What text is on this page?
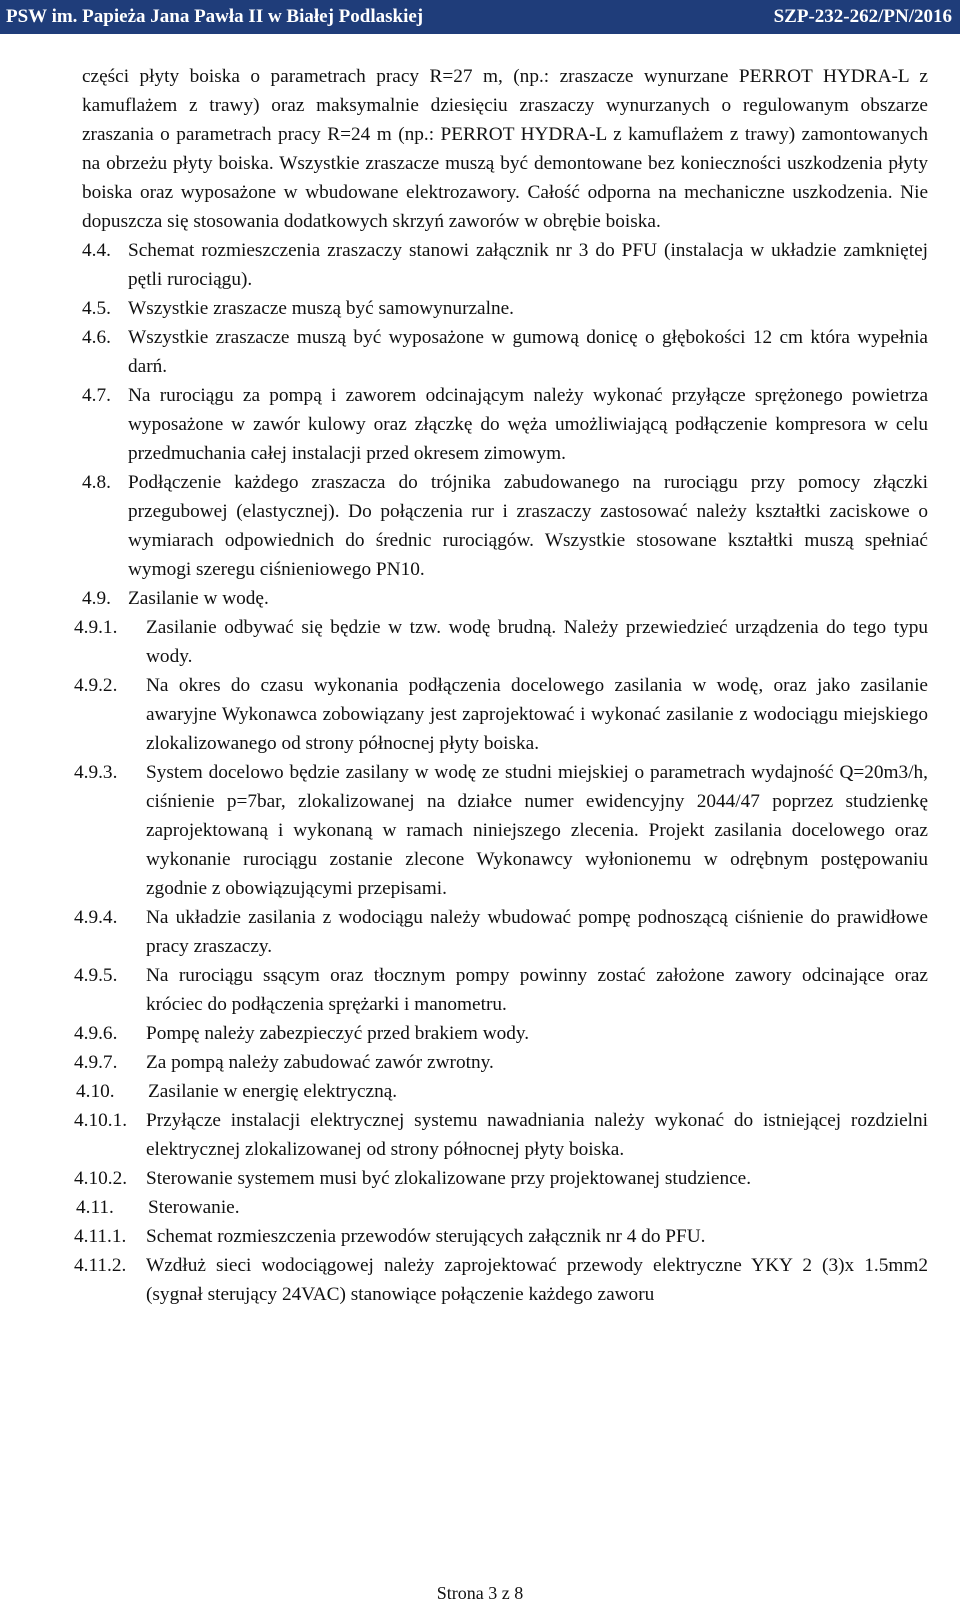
PSW im. Papieża Jana Pawła II w Białej Podlaskiej	SZP-232-262/PN/2016

części płyty boiska o parametrach pracy R=27 m, (np.: zraszacze wynurzane PERROT HYDRA-L z kamuflażem z trawy) oraz maksymalnie dziesięciu zraszaczy wynurzanych o regulowanym obszarze zraszania o parametrach pracy R=24 m (np.: PERROT HYDRA-L z kamuflażem z trawy) zamontowanych na obrzeżu płyty boiska. Wszystkie zraszacze muszą być demontowane bez konieczności uszkodzenia płyty boiska oraz wyposażone w wbudowane elektrozawory. Całość odporna na mechaniczne uszkodzenia. Nie dopuszcza się stosowania dodatkowych skrzyń zaworów w obrębie boiska.

4.4. Schemat rozmieszczenia zraszaczy stanowi załącznik nr 3 do PFU (instalacja w układzie zamkniętej pętli rurociągu).
4.5. Wszystkie zraszacze muszą być samowynurzalne.
4.6. Wszystkie zraszacze muszą być wyposażone w gumową donicę o głębokości 12 cm która wypełnia darń.
4.7. Na rurociągu za pompą i zaworem odcinającym należy wykonać przyłącze sprężonego powietrza wyposażone w zawór kulowy oraz złączkę do węża umożliwiającą podłączenie kompresora w celu przedmuchania całej instalacji przed okresem zimowym.
4.8. Podłączenie każdego zraszacza do trójnika zabudowanego na rurociągu przy pomocy złączki przegubowej (elastycznej). Do połączenia rur i zraszaczy zastosować należy kształtki zaciskowe o wymiarach odpowiednich do średnic rurociągów. Wszystkie stosowane kształtki muszą spełniać wymogi szeregu ciśnieniowego PN10.
4.9. Zasilanie w wodę.
4.9.1.	Zasilanie odbywać się będzie w tzw. wodę brudną. Należy przewiedzieć urządzenia do tego typu wody.
4.9.2.	Na okres do czasu wykonania podłączenia docelowego zasilania w wodę, oraz jako zasilanie awaryjne Wykonawca zobowiązany jest zaprojektować i wykonać zasilanie z wodociągu miejskiego zlokalizowanego od strony północnej płyty boiska.
4.9.3.	System docelowo będzie zasilany w wodę ze studni miejskiej o parametrach wydajność Q=20m3/h, ciśnienie p=7bar, zlokalizowanej na działce numer ewidencyjny 2044/47 poprzez studzienkę zaprojektowaną i wykonaną w ramach niniejszego zlecenia. Projekt zasilania docelowego oraz wykonanie rurociągu zostanie zlecone Wykonawcy wyłonionemu w odrębnym postępowaniu zgodnie z obowiązującymi przepisami.
4.9.4.	Na układzie zasilania z wodociągu należy wbudować pompę podnoszącą ciśnienie do prawidłowe pracy zraszaczy.
4.9.5.	Na rurociągu ssącym oraz tłocznym pompy powinny zostać założone zawory odcinające oraz króciec do podłączenia sprężarki i manometru.
4.9.6.	Pompę należy zabezpieczyć przed brakiem wody.
4.9.7.	Za pompą należy zabudować zawór zwrotny.
4.10.	Zasilanie w energię elektryczną.
4.10.1. Przyłącze instalacji elektrycznej systemu nawadniania należy wykonać do istniejącej rozdzielni elektrycznej zlokalizowanej od strony północnej płyty boiska.
4.10.2. Sterowanie systemem musi być zlokalizowane przy projektowanej studzience.
4.11.	Sterowanie.
4.11.1.	Schemat rozmieszczenia przewodów sterujących załącznik nr 4 do PFU.
4.11.2.	Wzdłuż sieci wodociągowej należy zaprojektować przewody elektryczne YKY 2 (3)x 1.5mm2 (sygnał sterujący 24VAC) stanowiące połączenie każdego zaworu
Strona 3 z 8
